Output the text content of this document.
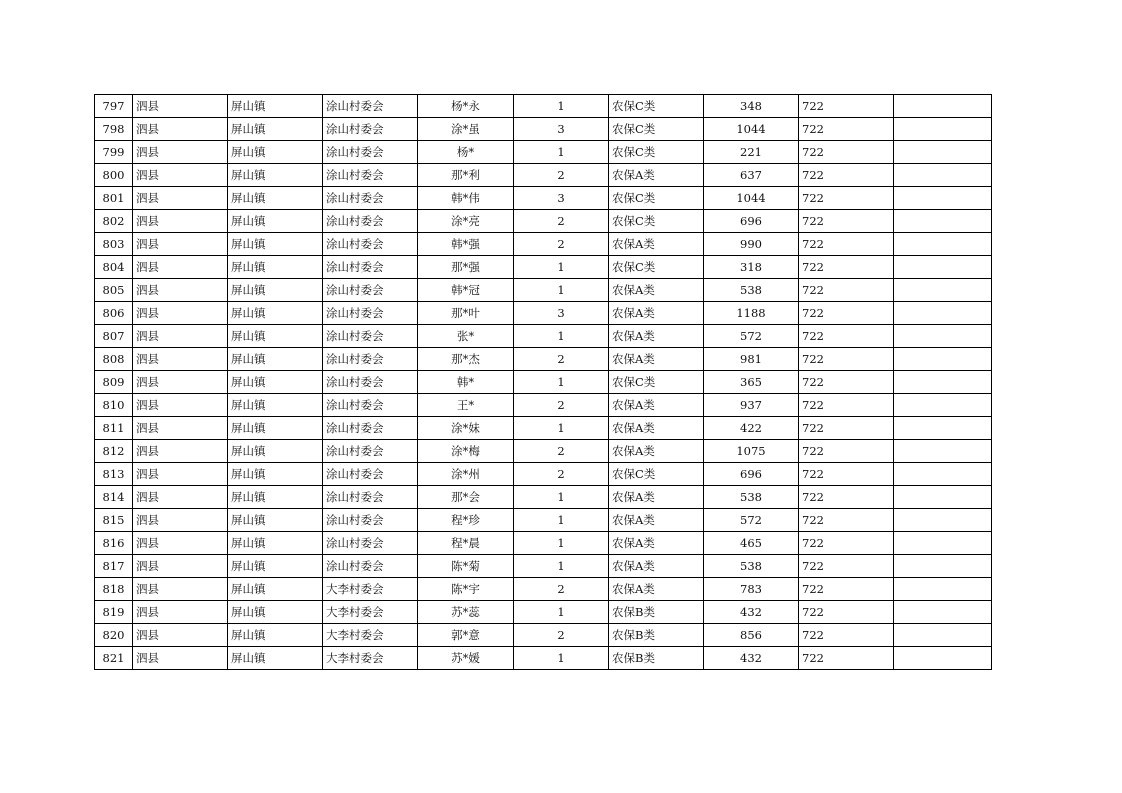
797	泗县	屏山镇	涂山村委会	杨*永	1	农保C类	348	722	
798	泗县	屏山镇	涂山村委会	涂*虽	3	农保C类	1044	722	
799	泗县	屏山镇	涂山村委会	杨*	1	农保C类	221	722	
800	泗县	屏山镇	涂山村委会	那*利	2	农保A类	637	722	
801	泗县	屏山镇	涂山村委会	韩*伟	3	农保C类	1044	722	
802	泗县	屏山镇	涂山村委会	涂*亮	2	农保C类	696	722	
803	泗县	屏山镇	涂山村委会	韩*强	2	农保A类	990	722	
804	泗县	屏山镇	涂山村委会	那*强	1	农保C类	318	722	
805	泗县	屏山镇	涂山村委会	韩*冠	1	农保A类	538	722	
806	泗县	屏山镇	涂山村委会	那*叶	3	农保A类	1188	722	
807	泗县	屏山镇	涂山村委会	张*	1	农保A类	572	722	
808	泗县	屏山镇	涂山村委会	那*杰	2	农保A类	981	722	
809	泗县	屏山镇	涂山村委会	韩*	1	农保C类	365	722	
810	泗县	屏山镇	涂山村委会	王*	2	农保A类	937	722	
811	泗县	屏山镇	涂山村委会	涂*妹	1	农保A类	422	722	
812	泗县	屏山镇	涂山村委会	涂*梅	2	农保A类	1075	722	
813	泗县	屏山镇	涂山村委会	涂*州	2	农保C类	696	722	
814	泗县	屏山镇	涂山村委会	那*会	1	农保A类	538	722	
815	泗县	屏山镇	涂山村委会	程*珍	1	农保A类	572	722	
816	泗县	屏山镇	涂山村委会	程*晨	1	农保A类	465	722	
817	泗县	屏山镇	涂山村委会	陈*菊	1	农保A类	538	722	
818	泗县	屏山镇	大李村委会	陈*宇	2	农保A类	783	722	
819	泗县	屏山镇	大李村委会	苏*蕊	1	农保B类	432	722	
820	泗县	屏山镇	大李村委会	郭*意	2	农保B类	856	722	
821	泗县	屏山镇	大李村委会	苏*媛	1	农保B类	432	722	
